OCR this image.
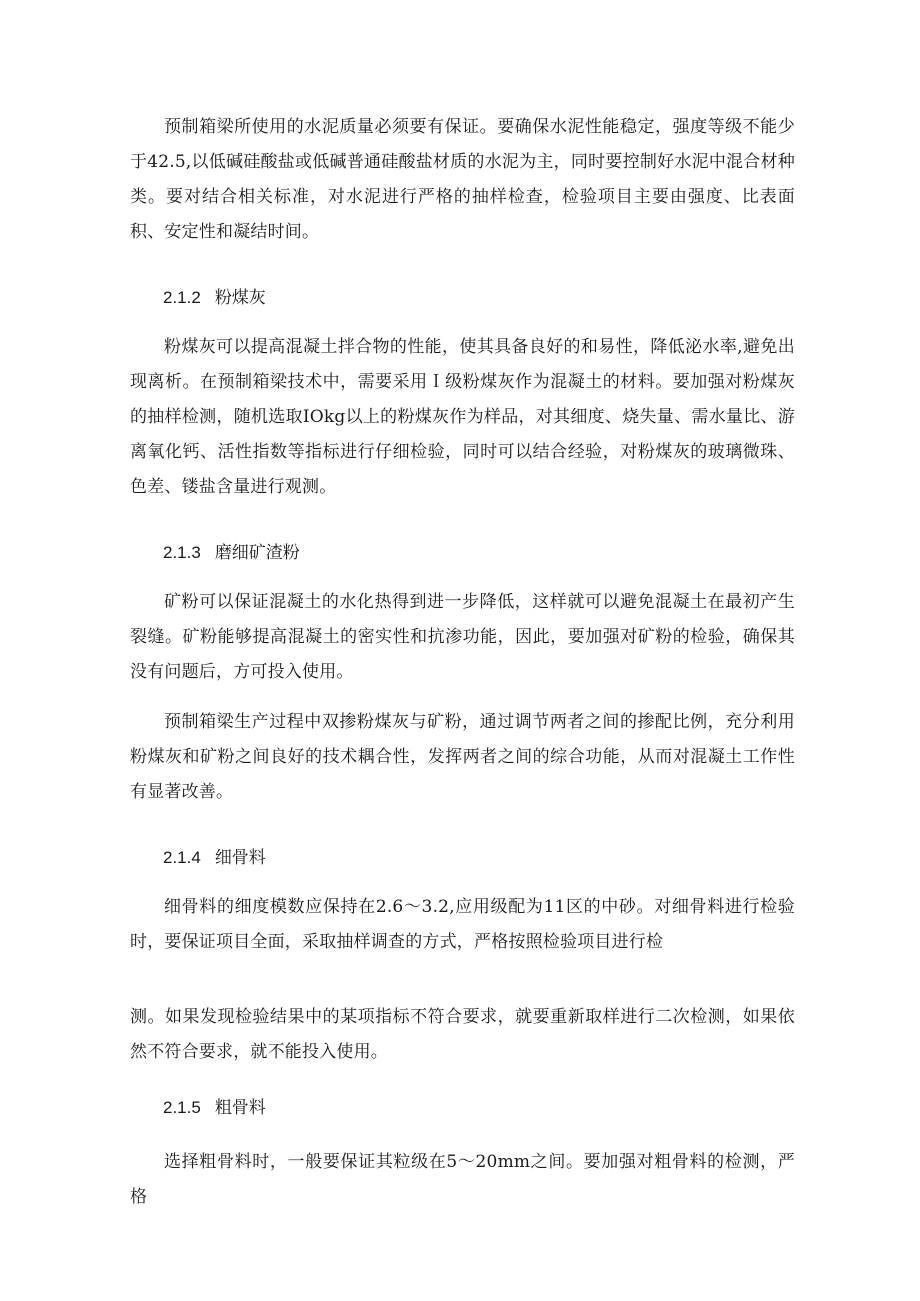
预制箱梁所使用的水泥质量必须要有保证。要确保水泥性能稳定，强度等级不能少于42.5,以低碱硅酸盐或低碱普通硅酸盐材质的水泥为主，同时要控制好水泥中混合材种类。要对结合相关标准，对水泥进行严格的抽样检查，检验项目主要由强度、比表面积、安定性和凝结时间。

2.1.2 粉煤灰

粉煤灰可以提高混凝土拌合物的性能，使其具备良好的和易性，降低泌水率,避免出现离析。在预制箱梁技术中，需要采用Ｉ级粉煤灰作为混凝土的材料。要加强对粉煤灰的抽样检测，随机选取IOkg以上的粉煤灰作为样品，对其细度、烧失量、需水量比、游离氧化钙、活性指数等指标进行仔细检验，同时可以结合经验，对粉煤灰的玻璃微珠、色差、镂盐含量进行观测。

2.1.3 磨细矿渣粉

矿粉可以保证混凝土的水化热得到进一步降低，这样就可以避免混凝土在最初产生裂缝。矿粉能够提高混凝土的密实性和抗渗功能，因此，要加强对矿粉的检验，确保其没有问题后，方可投入使用。

预制箱梁生产过程中双掺粉煤灰与矿粉，通过调节两者之间的掺配比例，充分利用粉煤灰和矿粉之间良好的技术耦合性，发挥两者之间的综合功能，从而对混凝土工作性有显著改善。

2.1.4 细骨料

细骨料的细度模数应保持在2.6～3.2,应用级配为11区的中砂。对细骨料进行检验时，要保证项目全面，采取抽样调查的方式，严格按照检验项目进行检

测。如果发现检验结果中的某项指标不符合要求，就要重新取样进行二次检测，如果依然不符合要求，就不能投入使用。

2.1.5 粗骨料

选择粗骨料时，一般要保证其粒级在5～20mm之间。要加强对粗骨料的检测，严格
